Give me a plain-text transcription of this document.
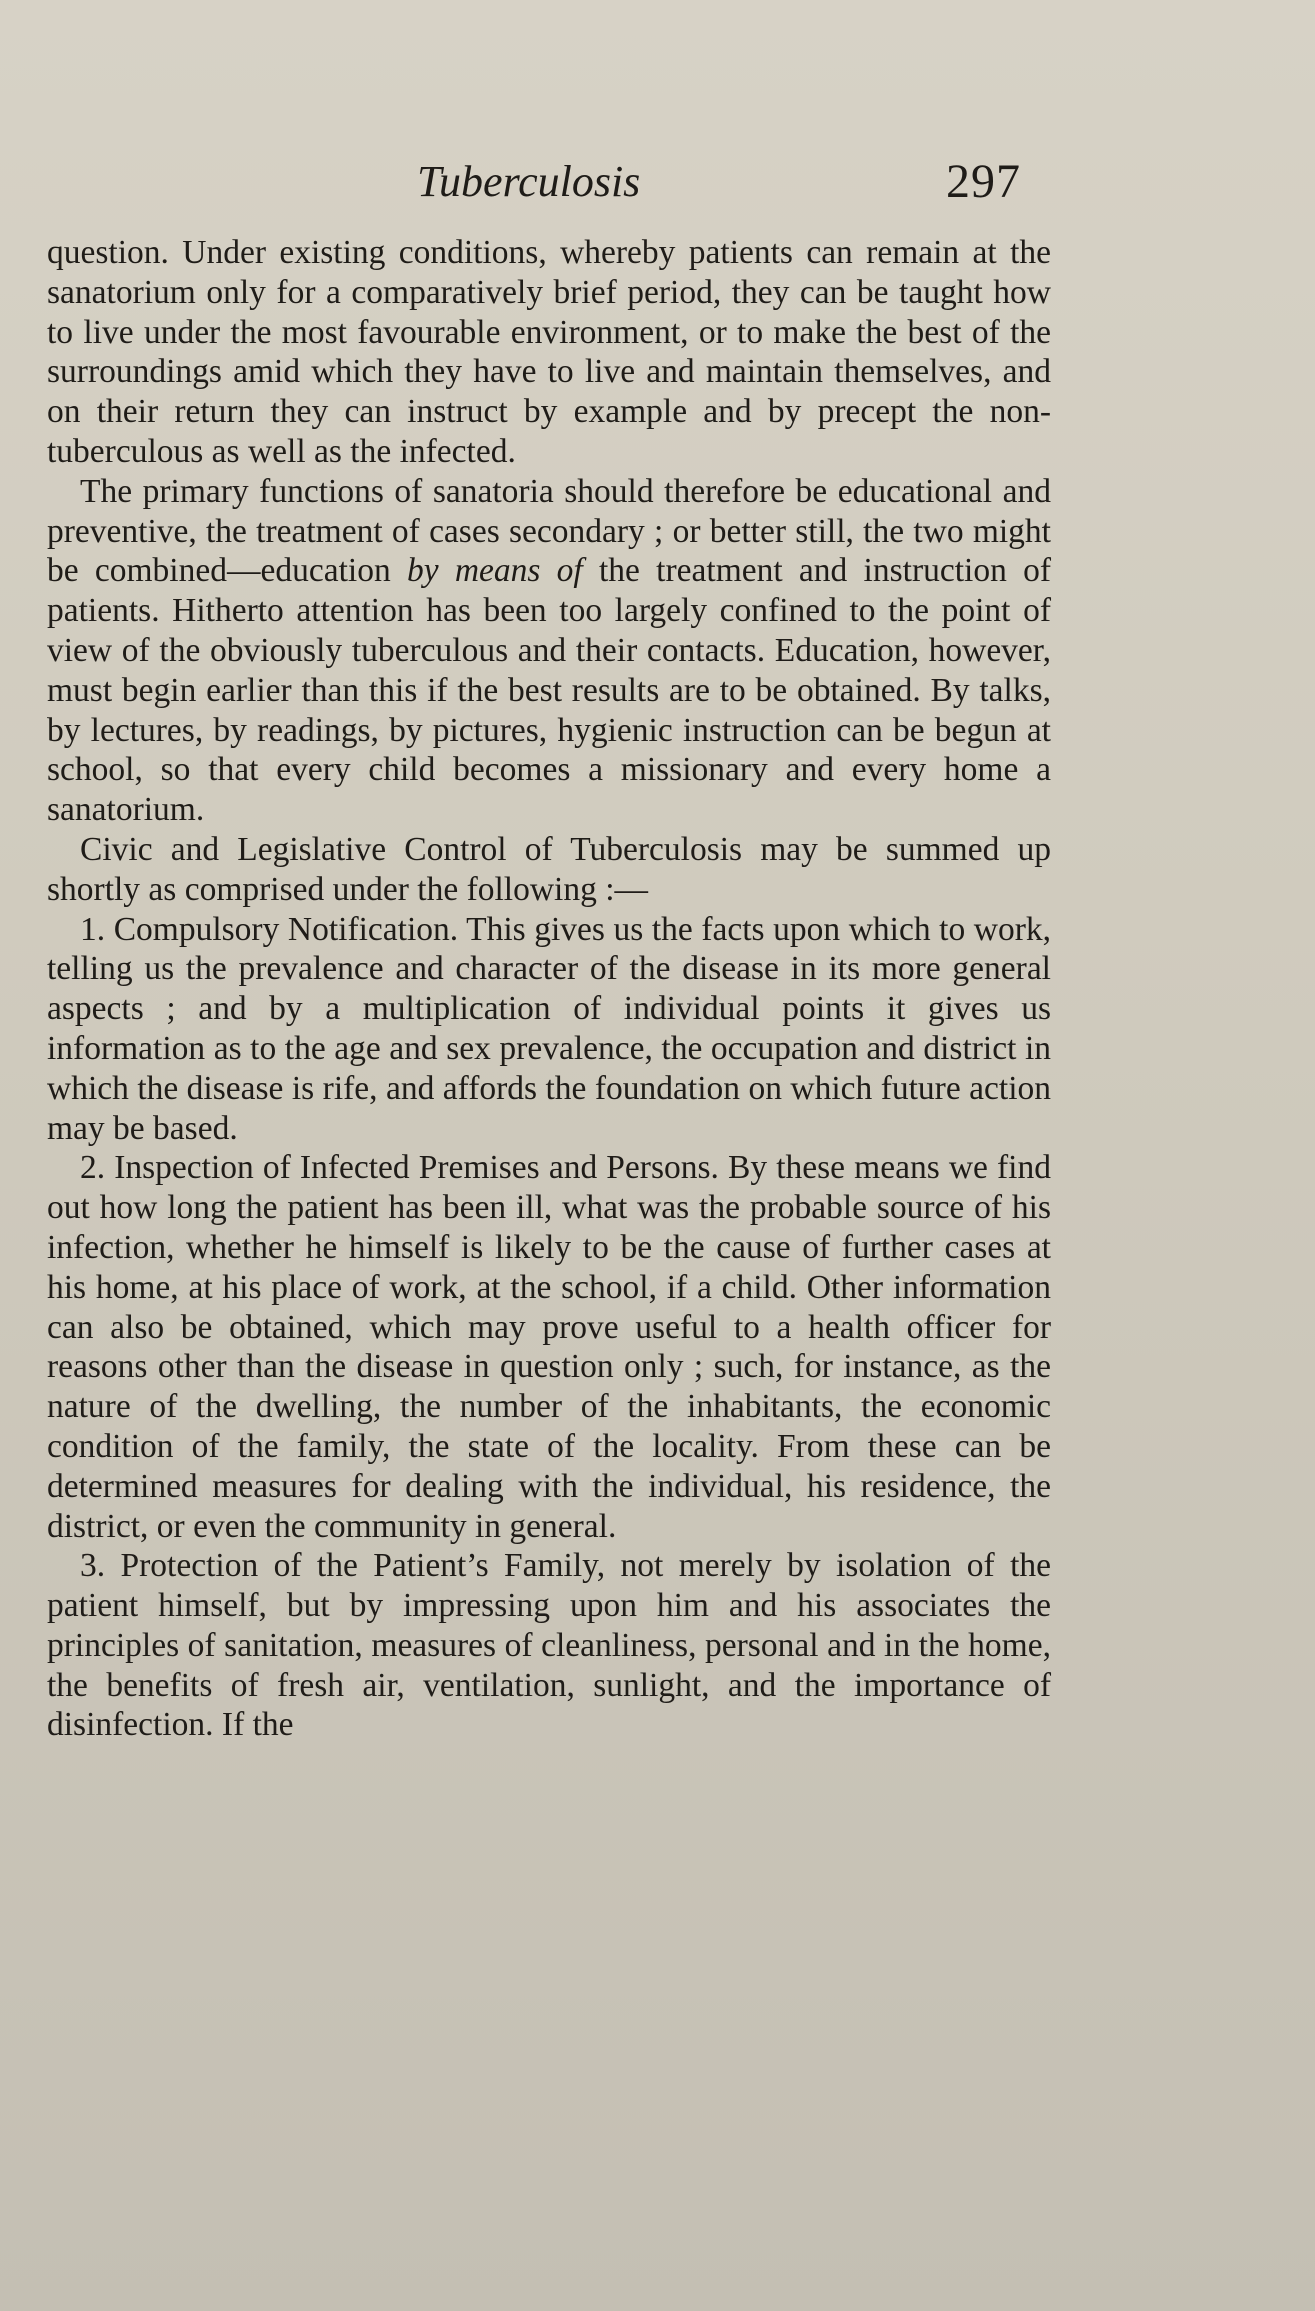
Tuberculosis	297

question. Under existing conditions, whereby patients can remain at the sanatorium only for a comparatively brief period, they can be taught how to live under the most favourable environment, or to make the best of the surroundings amid which they have to live and maintain themselves, and on their return they can instruct by example and by precept the non-tuberculous as well as the infected.

The primary functions of sanatoria should therefore be educational and preventive, the treatment of cases secondary ; or better still, the two might be combined—education by means of the treatment and instruction of patients. Hitherto attention has been too largely confined to the point of view of the obviously tuberculous and their contacts. Education, however, must begin earlier than this if the best results are to be obtained. By talks, by lectures, by readings, by pictures, hygienic instruction can be begun at school, so that every child becomes a missionary and every home a sanatorium.

Civic and Legislative Control of Tuberculosis may be summed up shortly as comprised under the following :—

1. Compulsory Notification. This gives us the facts upon which to work, telling us the prevalence and character of the disease in its more general aspects ; and by a multiplication of individual points it gives us information as to the age and sex prevalence, the occupation and district in which the disease is rife, and affords the foundation on which future action may be based.

2. Inspection of Infected Premises and Persons. By these means we find out how long the patient has been ill, what was the probable source of his infection, whether he himself is likely to be the cause of further cases at his home, at his place of work, at the school, if a child. Other information can also be obtained, which may prove useful to a health officer for reasons other than the disease in question only ; such, for instance, as the nature of the dwelling, the number of the inhabitants, the economic condition of the family, the state of the locality. From these can be determined measures for dealing with the individual, his residence, the district, or even the community in general.

3. Protection of the Patient’s Family, not merely by isolation of the patient himself, but by impressing upon him and his associates the principles of sanitation, measures of cleanliness, personal and in the home, the benefits of fresh air, ventilation, sunlight, and the importance of disinfection. If the
